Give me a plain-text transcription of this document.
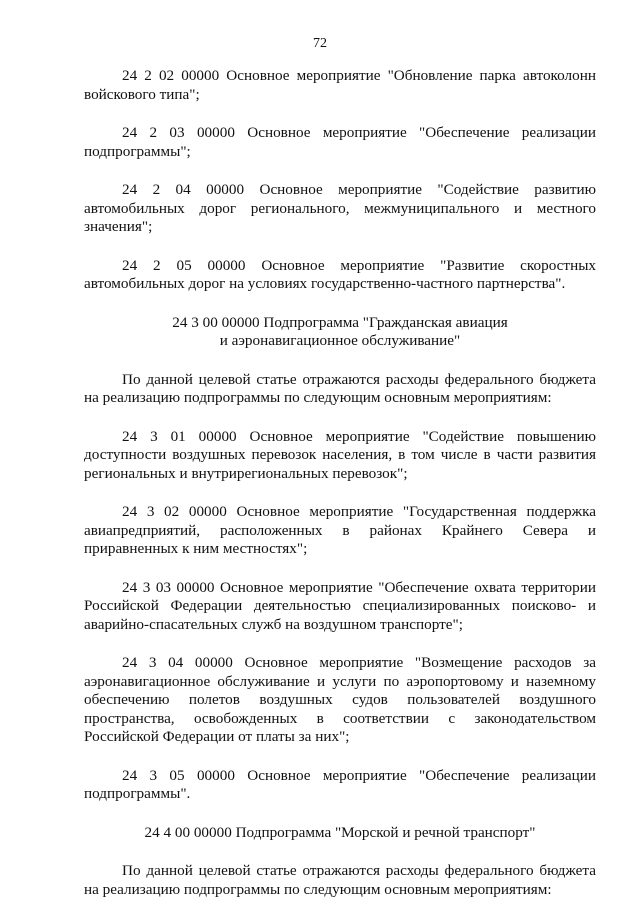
72

24 2 02 00000 Основное мероприятие "Обновление парка автоколонн войскового типа";

24 2 03 00000 Основное мероприятие "Обеспечение реализации подпрограммы";

24 2 04 00000 Основное мероприятие "Содействие развитию автомобильных дорог регионального, межмуниципального и местного значения";

24 2 05 00000 Основное мероприятие "Развитие скоростных автомобильных дорог на условиях государственно-частного партнерства".

24 3 00 00000 Подпрограмма "Гражданская авиация
и аэронавигационное обслуживание"

По данной целевой статье отражаются расходы федерального бюджета на реализацию подпрограммы по следующим основным мероприятиям:

24 3 01 00000 Основное мероприятие "Содействие повышению доступности воздушных перевозок населения, в том числе в части развития региональных и внутрирегиональных перевозок";

24 3 02 00000 Основное мероприятие "Государственная поддержка авиапредприятий, расположенных в районах Крайнего Севера и приравненных к ним местностях";

24 3 03 00000 Основное мероприятие "Обеспечение охвата территории Российской Федерации деятельностью специализированных поисково- и аварийно-спасательных служб на воздушном транспорте";

24 3 04 00000 Основное мероприятие "Возмещение расходов за аэронавигационное обслуживание и услуги по аэропортовому и наземному обеспечению полетов воздушных судов пользователей воздушного пространства, освобожденных в соответствии с законодательством Российской Федерации от платы за них";

24 3 05 00000 Основное мероприятие "Обеспечение реализации подпрограммы".

24 4 00 00000 Подпрограмма "Морской и речной транспорт"

По данной целевой статье отражаются расходы федерального бюджета на реализацию подпрограммы по следующим основным мероприятиям:
